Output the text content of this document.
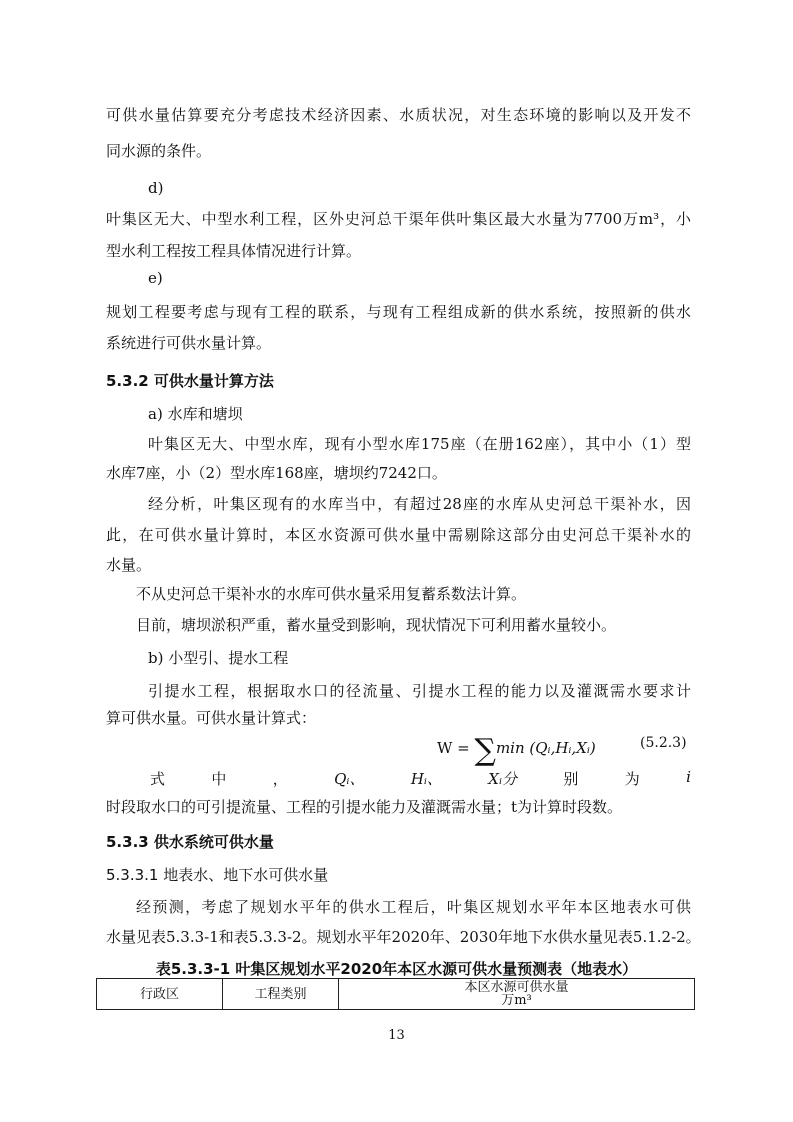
可供水量估算要充分考虑技术经济因素、水质状况，对生态环境的影响以及开发不
同水源的条件。
d)
叶集区无大、中型水利工程，区外史河总干渠年供叶集区最大水量为7700万m³，小
型水利工程按工程具体情况进行计算。
e)
规划工程要考虑与现有工程的联系，与现有工程组成新的供水系统，按照新的供水
系统进行可供水量计算。
5.3.2 可供水量计算方法
a) 水库和塘坝
叶集区无大、中型水库，现有小型水库175座（在册162座），其中小（1）型
水库7座，小（2）型水库168座，塘坝约7242口。
经分析，叶集区现有的水库当中，有超过28座的水库从史河总干渠补水，因
此，在可供水量计算时，本区水资源可供水量中需剔除这部分由史河总干渠补水的
水量。
不从史河总干渠补水的水库可供水量采用复蓄系数法计算。
目前，塘坝淤积严重，蓄水量受到影响，现状情况下可利用蓄水量较小。
b) 小型引、提水工程
引提水工程，根据取水口的径流量、引提水工程的能力以及灌溉需水要求计
算可供水量。可供水量计算式：
W = ∑min (Qᵢ,Hᵢ,Xᵢ)	(5.2.3)
式	中	，	Qᵢ、	Hᵢ、	Xᵢ分	别	为	i
时段取水口的可引提流量、工程的引提水能力及灌溉需水量；t为计算时段数。
5.3.3 供水系统可供水量
5.3.3.1 地表水、地下水可供水量
经预测，考虑了规划水平年的供水工程后，叶集区规划水平年本区地表水可供
水量见表5.3.3-1和表5.3.3-2。规划水平年2020年、2030年地下水供水量见表5.1.2-2。
表5.3.3-1 叶集区规划水平2020年本区水源可供水量预测表（地表水）
行政区	工程类别	本区水源可供水量
万m³
13
